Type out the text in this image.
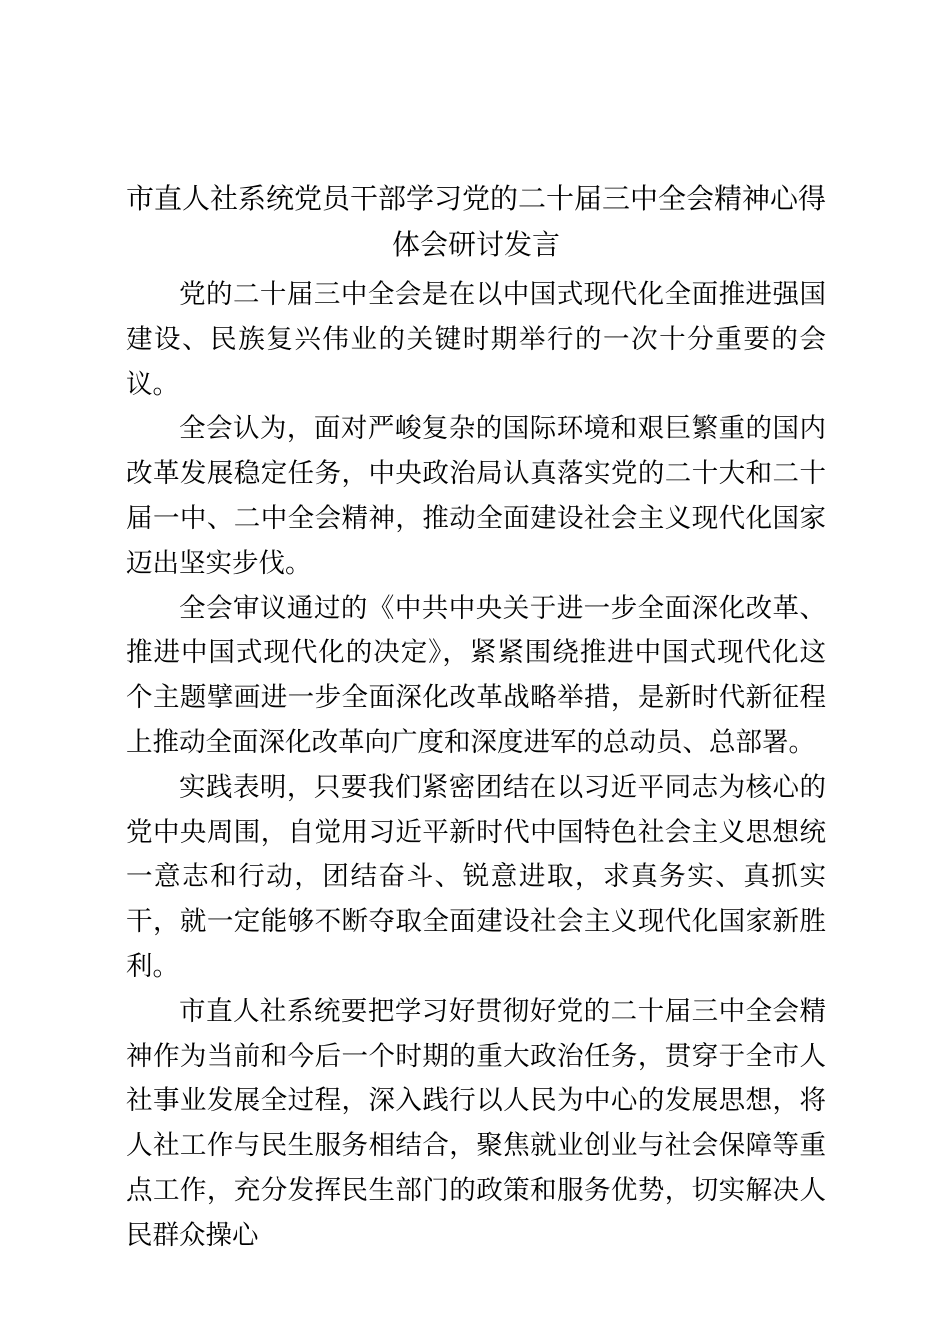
市直人社系统党员干部学习党的二十届三中全会精神心得体会研讨发言

党的二十届三中全会是在以中国式现代化全面推进强国建设、民族复兴伟业的关键时期举行的一次十分重要的会议。

全会认为，面对严峻复杂的国际环境和艰巨繁重的国内改革发展稳定任务，中央政治局认真落实党的二十大和二十届一中、二中全会精神，推动全面建设社会主义现代化国家迈出坚实步伐。

全会审议通过的《中共中央关于进一步全面深化改革、推进中国式现代化的决定》，紧紧围绕推进中国式现代化这个主题擘画进一步全面深化改革战略举措，是新时代新征程上推动全面深化改革向广度和深度进军的总动员、总部署。

实践表明，只要我们紧密团结在以习近平同志为核心的党中央周围，自觉用习近平新时代中国特色社会主义思想统一意志和行动，团结奋斗、锐意进取，求真务实、真抓实干，就一定能够不断夺取全面建设社会主义现代化国家新胜利。

市直人社系统要把学习好贯彻好党的二十届三中全会精神作为当前和今后一个时期的重大政治任务，贯穿于全市人社事业发展全过程，深入践行以人民为中心的发展思想，将人社工作与民生服务相结合，聚焦就业创业与社会保障等重点工作，充分发挥民生部门的政策和服务优势，切实解决人民群众操心
